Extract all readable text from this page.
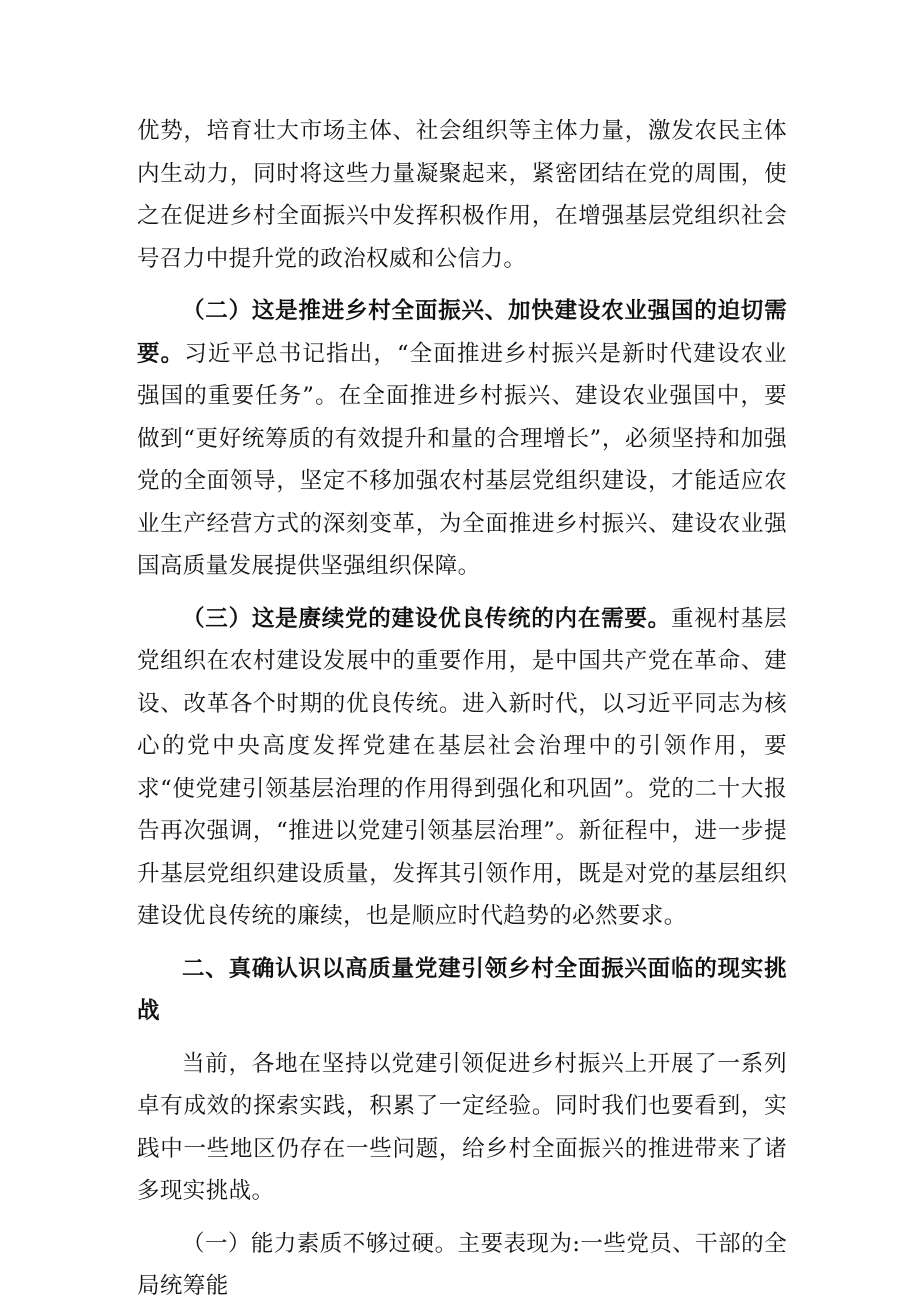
优势，培育壮大市场主体、社会组织等主体力量，激发农民主体内生动力，同时将这些力量凝聚起来，紧密团结在党的周围，使之在促进乡村全面振兴中发挥积极作用，在增强基层党组织社会号召力中提升党的政治权威和公信力。

（二）这是推进乡村全面振兴、加快建设农业强国的迫切需要。习近平总书记指出，“全面推进乡村振兴是新时代建设农业强国的重要任务”。在全面推进乡村振兴、建设农业强国中，要做到“更好统筹质的有效提升和量的合理增长”，必须坚持和加强党的全面领导，坚定不移加强农村基层党组织建设，才能适应农业生产经营方式的深刻变革，为全面推进乡村振兴、建设农业强国高质量发展提供坚强组织保障。

（三）这是赓续党的建设优良传统的内在需要。重视村基层党组织在农村建设发展中的重要作用，是中国共产党在革命、建设、改革各个时期的优良传统。进入新时代，以习近平同志为核心的党中央高度发挥党建在基层社会治理中的引领作用，要求“使党建引领基层治理的作用得到强化和巩固”。党的二十大报告再次强调，“推进以党建引领基层治理”。新征程中，进一步提升基层党组织建设质量，发挥其引领作用，既是对党的基层组织建设优良传统的廉续，也是顺应时代趋势的必然要求。

二、真确认识以高质量党建引领乡村全面振兴面临的现实挑战

当前，各地在坚持以党建引领促进乡村振兴上开展了一系列卓有成效的探索实践，积累了一定经验。同时我们也要看到，实践中一些地区仍存在一些问题，给乡村全面振兴的推进带来了诸多现实挑战。

（一）能力素质不够过硬。主要表现为:一些党员、干部的全局统筹能
